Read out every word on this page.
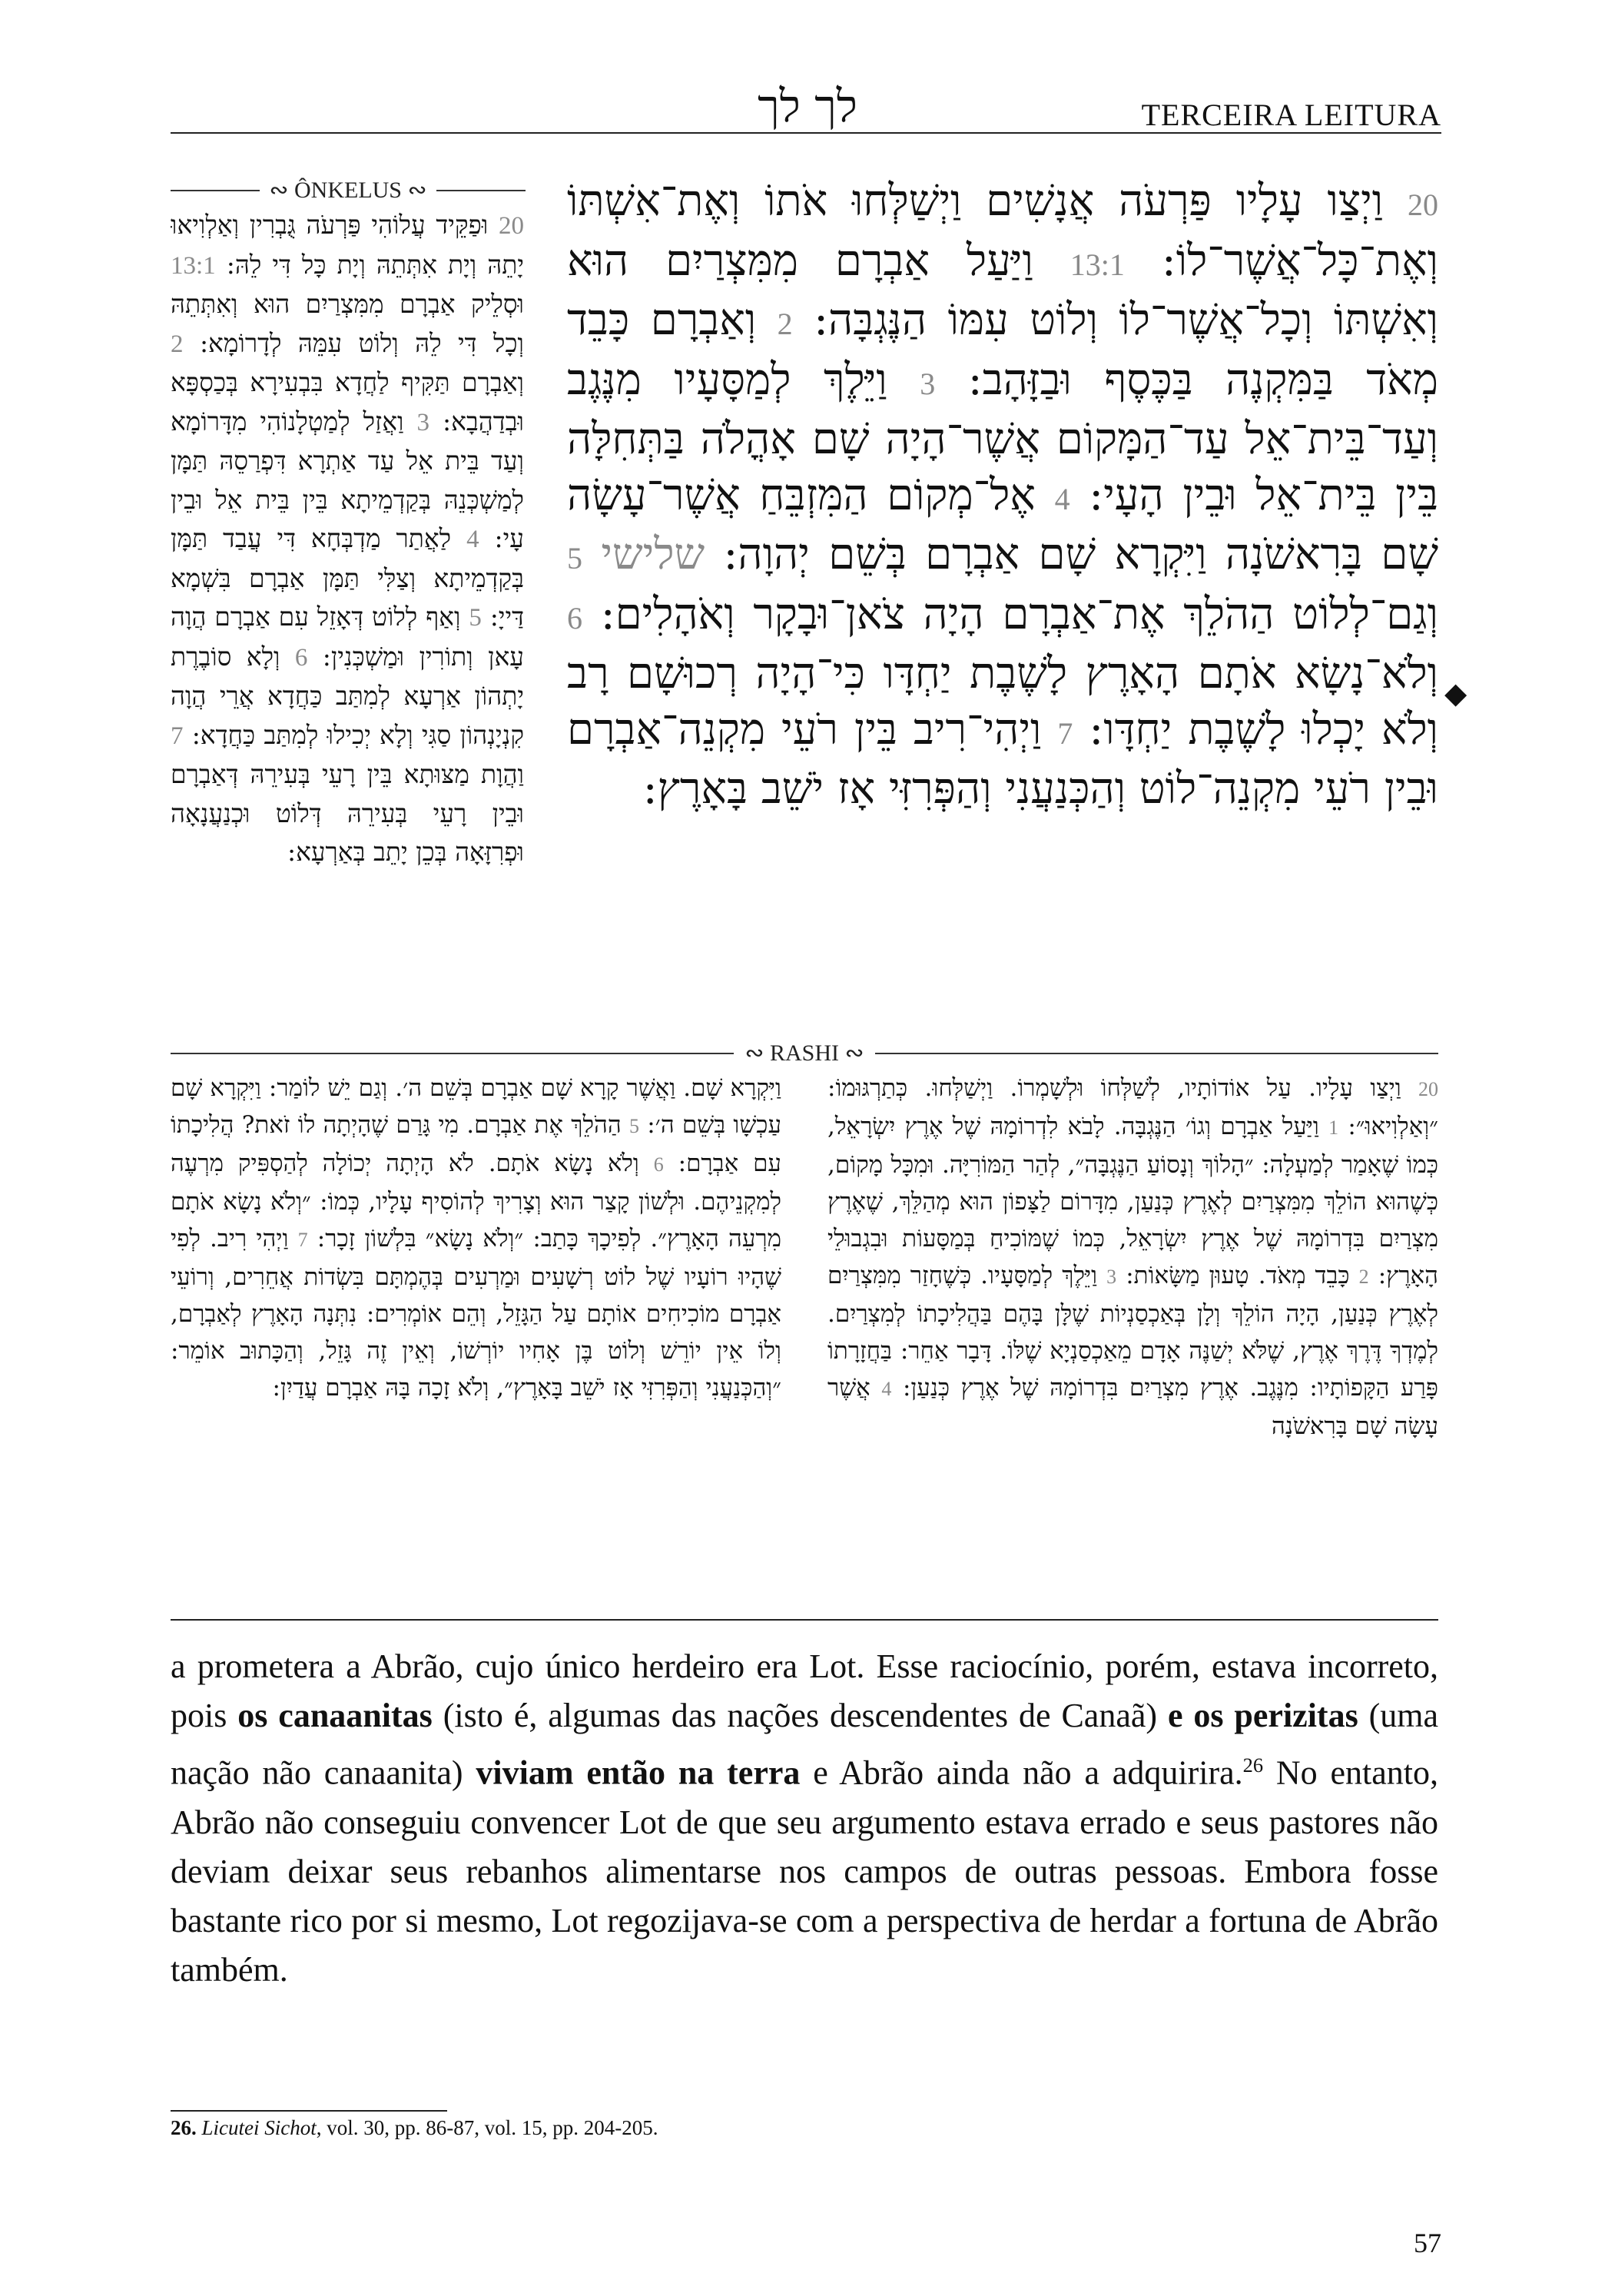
לך לך	TERCEIRA LEITURA
∾ ÔNKELUS ∾
20 וּפַקֵּיד עֲלוֹהִי פַּרְעֹה גֻּבְרִין וְאַלְוִיאוּ יָתֵהּ וְיָת אִתְּתֵהּ וְיָת כָּל דִּי לֵהּ: 13:1 וּסְלֵיק אַבְרָם מִמִּצְרַיִם הוּא וְאִתְּתֵהּ וְכָל דִּי לֵהּ וְלוֹט עִמֵּהּ לְדָרוֹמָא: 2 וְאַבְרָם תַּקִּיף לַחֲדָא בִּבְעִירָא בְּכַסְפָּא וּבְדַהֲבָא: 3 וַאֲזַל לְמַטְלָנוֹהִי מִדָּרוֹמָא וְעַד בֵּית אֵל עַד אַתְרָא דִּפְרַסֵהּ תַּמָּן לְמַשְׁכְּנֵהּ בְּקַדְמֵיתָא בֵּין בֵּית אֵל וּבֵין עָי: 4 לַאֲתַר מַדְבְּחָא דִּי עֲבַד תַּמָּן בְּקַדְמֵיתָא וְצַלִּי תַּמָּן אַבְרָם בִּשְׁמָא דַּייָ: 5 וְאַף לְלוֹט דְּאָזֵל עִם אַבְרָם הֲוָה עָאן וְתוֹרִין וּמַשְׁכְּנִין: 6 וְלָא סוֹבֶרֶת יָתְהוֹן אַרְעָא לְמִתַּב כַּחֲדָא אֲרֵי הֲוָה קִנְיָנְהוֹן סַגִּי וְלָא יְכִילוּ לְמִתַּב כַּחֲדָא: 7 וַהֲוָת מַצּוּתָא בֵּין רָעֵי בְּעִירֵהּ דְּאַבְרָם וּבֵין רָעֵי בְּעִירֵהּ דְּלוֹט וּכְנַעֲנָאָה וּפְרִזָּאָה בְּכֵן יָתֵב בְּאַרְעָא:
20 וַיְצַו עָלָיו פַּרְעֹה אֲנָשִׁים וַיְשַׁלְּחוּ אֹתוֹ וְאֶת־אִשְׁתּוֹ וְאֶת־כָּל־אֲשֶׁר־לוֹ: 13:1 וַיַּעַל אַבְרָם מִמִּצְרַיִם הוּא וְאִשְׁתּוֹ וְכָל־אֲשֶׁר־לוֹ וְלוֹט עִמּוֹ הַנֶּגְבָּה: 2 וְאַבְרָם כָּבֵד מְאֹד בַּמִּקְנֶה בַּכֶּסֶף וּבַזָּהָב: 3 וַיֵּלֶךְ לְמַסָּעָיו מִנֶּגֶב וְעַד־בֵּית־אֵל עַד־הַמָּקוֹם אֲשֶׁר־הָיָה שָׁם אָהֳלֹה בַּתְּחִלָּה בֵּין בֵּית־אֵל וּבֵין הָעָי: 4 אֶל־מְקוֹם הַמִּזְבֵּחַ אֲשֶׁר־עָשָׂה שָׁם בָּרִאשֹׁנָה וַיִּקְרָא שָׁם אַבְרָם בְּשֵׁם יְהוָה: שלישי 5 וְגַם־לְלוֹט הַהֹלֵךְ אֶת־אַבְרָם הָיָה צֹאן־וּבָקָר וְאֹהָלִים: 6 וְלֹא־נָשָׂא אֹתָם הָאָרֶץ לָשֶׁבֶת יַחְדָּו כִּי־הָיָה רְכוּשָׁם רָב וְלֹא יָכְלוּ לָשֶׁבֶת יַחְדָּו: 7 וַיְהִי־רִיב בֵּין רֹעֵי מִקְנֵה־אַבְרָם וּבֵין רֹעֵי מִקְנֵה־לוֹט וְהַכְּנַעֲנִי וְהַפְּרִזִּי אָז יֹשֵׁב בָּאָרֶץ:
◆
∾ RASHI ∾
20 וַיְצַו עָלָיו. עַל אוֹדוֹתָיו, לְשַׁלְּחוֹ וּלְשָׁמְרוֹ. וַיְשַׁלְּחוּ. כְּתַרְגּוּמוֹ: ״וְאַלְוִיאוּ״: 1 וַיַּעַל אַבְרָם וְגוֹ׳ הַנֶּגְבָּה. לָבֹא לִדְרוֹמָהּ שֶׁל אֶרֶץ יִשְׂרָאֵל, כְּמוֹ שֶׁאָמַר לְמַעְלָה: ״הָלוֹךְ וְנָסוֹעַ הַנֶּגְבָּה״, לְהַר הַמּוֹרִיָּה. וּמִכָּל מָקוֹם, כְּשֶׁהוּא הוֹלֵךְ מִמִּצְרַיִם לְאֶרֶץ כְּנַעַן, מִדָּרוֹם לַצָּפוֹן הוּא מְהַלֵּךְ, שֶׁאֶרֶץ מִצְרַיִם בִּדְרוֹמָהּ שֶׁל אֶרֶץ יִשְׂרָאֵל, כְּמוֹ שֶׁמּוֹכִיחַ בְּמַסָּעוֹת וּבִגְבוּלֵי הָאָרֶץ: 2 כָּבֵד מְאֹד. טָעוּן מַשָּׂאוֹת: 3 וַיֵּלֶךְ לְמַסָּעָיו. כְּשֶׁחָזַר מִמִּצְרַיִם לְאֶרֶץ כְּנַעַן, הָיָה הוֹלֵךְ וְלָן בְּאַכְסַנְיוֹת שֶׁלָּן בָּהֶם בַּהֲלִיכָתוֹ לְמִצְרַיִם. לְמֶדְךָ דֶּרֶךְ אֶרֶץ, שֶׁלֹּא יְשַׁנֶּה אָדָם מֵאַכְסַנְיָא שֶׁלּוֹ. דָּבָר אַחֵר: בַּחֲזָרָתוֹ פָּרַע הַקָּפוֹתָיו: מִנֶּגֶב. אֶרֶץ מִצְרַיִם בִּדְרוֹמָהּ שֶׁל אֶרֶץ כְּנַעַן: 4 אֲשֶׁר עָשָׂה שָׁם בָּרִאשֹׁנָה
וַיִּקְרָא שָׁם. וַאֲשֶׁר קָרָא שָׁם אַבְרָם בְּשֵׁם ה׳. וְגַם יֵשׁ לוֹמַר: וַיִּקְרָא שָׁם עַכְשָׁו בְּשֵׁם ה׳: 5 הַהֹלֵךְ אֶת אַבְרָם. מִי גָּרַם שֶׁהָיְתָה לוֹ זֹאת? הֲלִיכָתוֹ עִם אַבְרָם: 6 וְלֹא נָשָׂא אֹתָם. לֹא הָיְתָה יְכוֹלָה לְהַסְפִּיק מִרְעֶה לְמִקְנֵיהֶם. וּלְשׁוֹן קָצַר הוּא וְצָרִיךְ לְהוֹסִיף עָלָיו, כְּמוֹ: ״וְלֹא נָשָׂא אֹתָם מִרְעֵה הָאָרֶץ״. לְפִיכָךְ כָּתַב: ״וְלֹא נָשָׂא״ בִּלְשׁוֹן זָכָר: 7 וַיְהִי רִיב. לְפִי שֶׁהָיוּ רוֹעָיו שֶׁל לוֹט רְשָׁעִים וּמַרְעִים בְּהֶמְתָּם בִּשְׂדוֹת אֲחֵרִים, וְרוֹעֵי אַבְרָם מוֹכִיחִים אוֹתָם עַל הַגָּזֵל, וְהֵם אוֹמְרִים: נִתְּנָה הָאָרֶץ לְאַבְרָם, וְלוֹ אֵין יוֹרֵשׁ וְלוֹט בֶּן אָחִיו יוֹרְשׁוֹ, וְאֵין זֶה גָּזֵל, וְהַכָּתוּב אוֹמֵר: ״וְהַכְּנַעֲנִי וְהַפְּרִזִּי אָז יֹשֵׁב בָּאָרֶץ״, וְלֹא זָכָה בָּהּ אַבְרָם עֲדַיִן:
a prometera a Abrão, cujo único herdeiro era Lot. Esse raciocínio, porém, estava incorreto, pois os canaanitas (isto é, algumas das nações descendentes de Canaã) e os perizitas (uma nação não canaanita) viviam então na terra e Abrão ainda não a adquirira.$^{26}$ No entanto, Abrão não conseguiu convencer Lot de que seu argumento estava errado e seus pastores não deviam deixar seus rebanhos alimentarse nos campos de outras pessoas. Embora fosse bastante rico por si mesmo, Lot regozijava-se com a perspectiva de herdar a fortuna de Abrão também.
26. Licutei Sichot, vol. 30, pp. 86-87, vol. 15, pp. 204-205.
57
